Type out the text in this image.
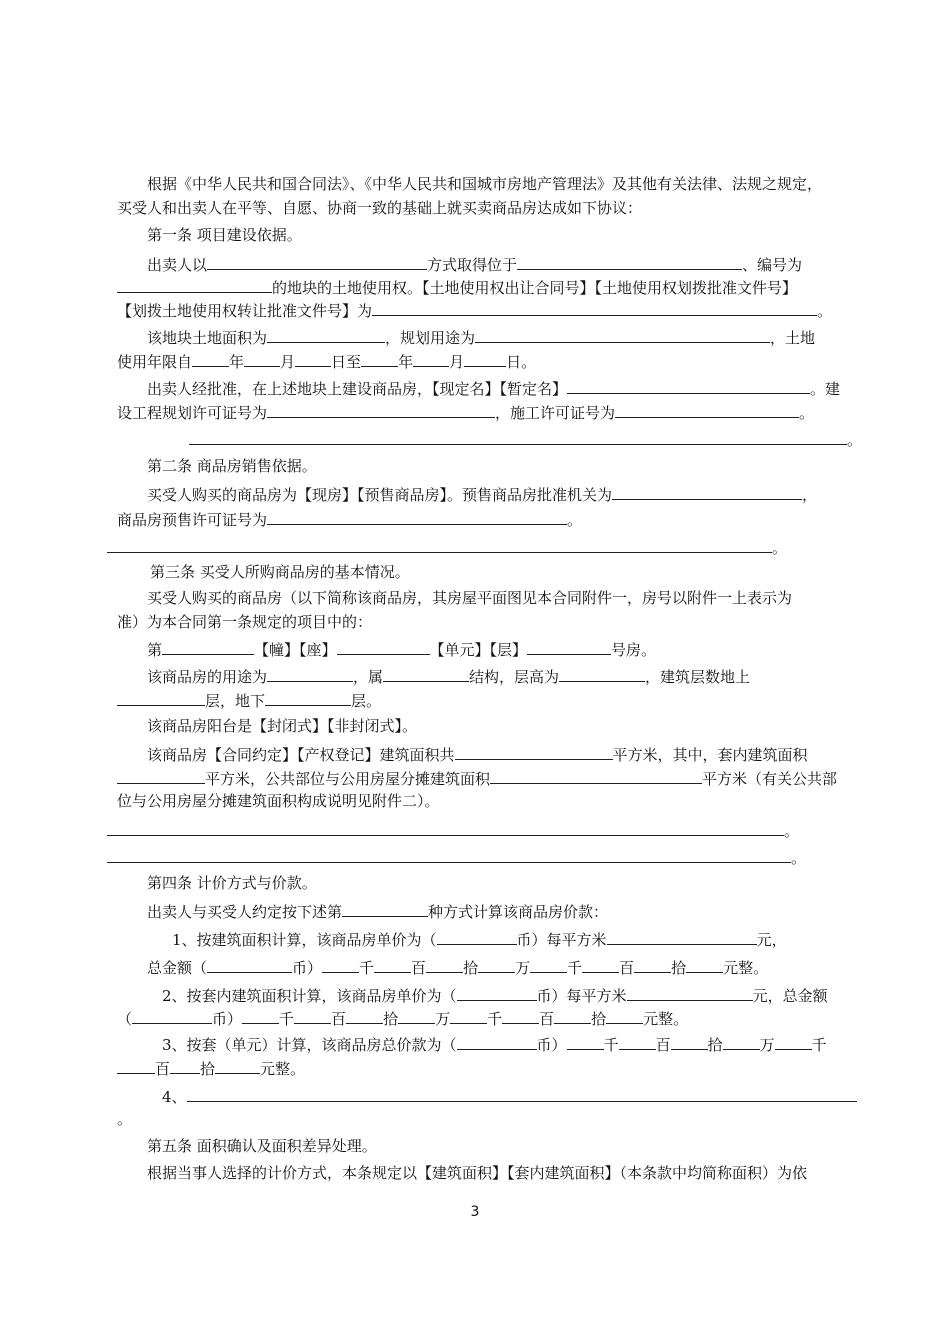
根据《中华人民共和国合同法》、《中华人民共和国城市房地产管理法》及其他有关法律、法规之规定，
买受人和出卖人在平等、自愿、协商一致的基础上就买卖商品房达成如下协议：
第一条 项目建设依据。
出卖人以	方式取得位于	、编号为
的地块的土地使用权。【土地使用权出让合同号】【土地使用权划拨批准文件号】
【划拨土地使用权转让批准文件号】为	。
该地块土地面积为	，规划用途为	，土地
使用年限自 年 月 日至 年 月	日。
出卖人经批准，在上述地块上建设商品房，【现定名】【暂定名】	。建
设工程规划许可证号为	，施工许可证号为	。
。
第二条 商品房销售依据。
买受人购买的商品房为【现房】【预售商品房】。预售商品房批准机关为	，
商品房预售许可证号为	。
。
第三条 买受人所购商品房的基本情况。
买受人购买的商品房（以下简称该商品房，其房屋平面图见本合同附件一，房号以附件一上表示为
准）为本合同第一条规定的项目中的：
第	【幢】【座】	【单元】【层】	号房。
该商品房的用途为	，属	结构，层高为	，建筑层数地上
层，地下	层。
该商品房阳台是【封闭式】【非封闭式】。
该商品房【合同约定】【产权登记】建筑面积共	平方米，其中，套内建筑面积
平方米，公共部位与公用房屋分摊建筑面积	平方米（有关公共部
位与公用房屋分摊建筑面积构成说明见附件二）。
。
。
第四条 计价方式与价款。
出卖人与买受人约定按下述第	种方式计算该商品房价款：
1、按建筑面积计算，该商品房单价为（	币）每平方米	元，
总金额（	币） 千 百 拾 万 千 百 拾 元整。
2、按套内建筑面积计算，该商品房单价为（	币）每平方米	元，总金额
（	币） 千 百 拾 万 千 百 拾 元整。
3、按套（单元）计算，该商品房总价款为（	币） 千 百 拾 万 千
百 拾	元整。
4、
。
第五条 面积确认及面积差异处理。
根据当事人选择的计价方式，本条规定以【建筑面积】【套内建筑面积】（本条款中均简称面积）为依
3
